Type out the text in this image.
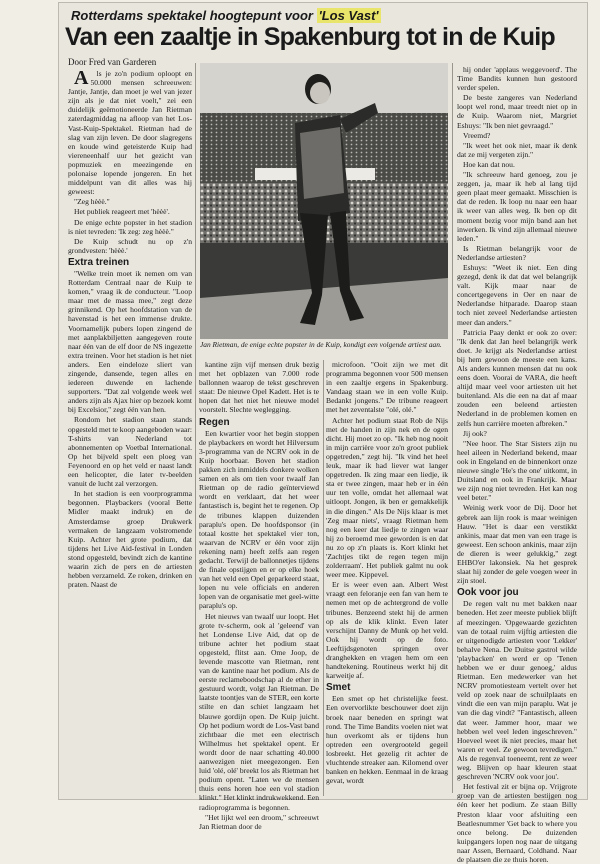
Rotterdams spektakel hoogtepunt voor 'Los Vast'
Van een zaaltje in Spakenburg tot in de Kuip
Door Fred van Garderen

Als je zo'n podium oploopt en 50.000 mensen schreeuwen: Jantje, Jantje, dan moet je wel van jezer zijn als je dat niet voelt," zei een duidelijk geëmotioneerde Jan Rietman zaterdagmiddag na afloop van het Los-Vast-Kuip-Spektakel. Rietman had de slag van zijn leven. De door slagregens en koude wind geteisterde Kuip had viereneenhalf uur het gezicht van popmuziek en meezingende en polonaise lopende jongeren. En het middelpunt van dit alles was hij geweest:

"Zeg hèèè."

Het publiek reageert met 'hèèè'.

De enige echte popster in het stadion is niet tevreden: 'Ik zeg: zeg hèèè."

De Kuip schudt nu op z'n grondvesten: 'hèèè.'

Extra treinen

"Welke trein moet ik nemen om van Rotterdam Centraal naar de Kuip te komen," vraag ik de conducteur. "Loop maar met de massa mee," zegt deze grinnikend. Op het hoofdstation van de havenstad is het een immense drukte. Voornamelijk pubers lopen zingend de met aanplakbiljetten aangegeven route naar één van de elf door de NS ingezette extra treinen. Voor het stadion is het niet anders. Een eindeloze sliert van zingende, dansende, tegen alles en iedereen duwende en lachende supporters. "Dat zal volgende week wel anders zijn als Ajax hier op bezoek komt bij Excelsior," zegt één van hen.

Rondom het stadion staan stands opgesteld met te koop aangeboden waar: T-shirts van Nederland tot abonnementen op Voetbal International. Op het bijveld spelt een ploeg van Feyenoord en op het veld er naast landt een helicopter, die later tv-beelden vanuit de lucht zal verzorgen.

In het stadion is een voorprogramma begonnen. Playbackers (vooral Bette Midler maakt indruk) en de Amsterdamse groep Drukwerk vermaken de langzaam volstromende Kuip. Achter het grote podium, dat tijdens het Live Aid-festival in Londen stond opgesteld, bevindt zich de kantine waarin zich de pers en de artiesten hebben verzameld. Ze roken, drinken en praten. Naast de

Jan Rietman, de enige echte popster in de Kuip, kondigt een volgende artiest aan.

kantine zijn vijf mensen druk bezig met het opblazen van 7.000 rode ballonnen waarop de tekst geschreven staat: De nieuwe Opel Kadett. Het is te hopen dat het niet het nieuwe model voorstelt. Slechte weglegging.

Regen

Een kwartier voor het begin stoppen de playbackers en wordt het Hilversum 3-programma van de NCRV ook in de Kuip hoorbaar. Boven het stadion pakken zich inmiddels donkere wolken samen en als om tien voor twaalf Jan Rietman op de radio geïnterviewd wordt en verklaart, dat het weer fantastisch is, begint het te regenen. Op de tribunes klappen duizenden paraplu's open. De hoofdsponsor (in totaal kostte het spektakel vier ton, waarvan de NCRV er één voor zijn rekening nam) heeft zelfs aan regen gedacht. Terwijl de ballonnetjes tijdens de finale opstijgen en er op elke hoek van het veld een Opel geparkeerd staat, lopen nu vele officials en anderen lopen van de organisatie met geel-witte paraplu's op.

Het nieuws van twaalf uur loopt. Het grote tv-scherm, ook al 'geleend' van het Londense Live Aid, dat op de tribune achter het podium staat opgesteld, flitst aan. Ome Joop, de levende mascotte van Rietman, rent van de kantine naar het podium. Als de eerste reclameboodschap al de ether in gestuurd wordt, volgt Jan Rietman. De laatste toontjes van de STER, een korte stilte en dan schiet langzaam het blauwe gordijn open. De Kuip juicht. Op het podium wordt de Los-Vast band zichtbaar die met een electrisch Wilhelmus het spektakel opent. Er wordt door de naar schatting 40.000 aanwezigen niet meegezongen. Een luid 'olé, olé' breekt los als Rietman het podium opent. "Laten we de mensen thuis eens horen hoe een vol stadion klinkt." Het klinkt indrukwekkend. Een radioprogramma is begonnen.

"Het lijkt wel een droom," schreeuwt Jan Rietman door de

microfoon. "Ooit zijn we met dit programma begonnen voor 500 mensen in een zaaltje ergens in Spakenburg. Vandaag staan we in een volle Kuip. Bedankt jongens." De tribune reageert met het zeventalste "olé, olé."

Achter het podium staat Rob de Nijs met de handen in zijn nek en de ogen dicht. Hij moet zo op. "Ik heb nog nooit in mijn carrière voor zo'n groot publiek opgetreden," zegt hij. "Ik vind het heel leuk, maar ik had liever wat langer opgetreden. Ik zing maar een liedje, ik sta er twee zingen, maar heb er in één uur ten volle, omdat het allemaal wat uitloopt. Jongen, ik ben er gemakkelijk in die dingen." Als De Nijs klaar is met 'Zeg maar niets', vraagt Rietman hem nog een keer dat liedje te zingen waar hij zo beroemd mee geworden is en dat nu zo op z'n plaats is. Kort klinkt het 'Zachtjes tikt de regen tegen mijn zolderraam'. Het publiek galmt nu ook weer mee. Kippevel.

Er is weer even aan. Albert West vraagt een feloranje een fan van hem te nemen met op de achtergrond de volle tribunes. Benzeend stekt hij de armen op als de klik klinkt. Even later verschijnt Danny de Munk op het veld. Ook hij wordt op de foto. Leeftijdsgenoten springen over dranghekken en vragen hem om een handtekening. Routineus werkt hij dit karweitje af.

Smet

Een smet op het christelijke feest. Een overvorlikte beschouwer doet zijn broek naar beneden en springt wat rond. The Time Bandits voelen niet wat hun overkomt als er tijdens hun optreden een overgrooteld gegeil losbreekt. Het gezelig rit achter de vluchtende streaker aan. Kilomend over banken en hekken. Eenmaal in de kraag gevat, wordt

hij onder 'applaus weggevoerd'. The Time Bandits kunnen hun gestoord verder spelen.

De beste zangeres van Nederland loopt wel rond, maar treedt niet op in de Kuip. Waarom niet, Margriet Eshuys: "Ik ben niet gevraagd."

Vreemd?

"Ik weet het ook niet, maar ik denk dat ze mij vergeten zijn."

Hoe kan dat nou.

"Ik schreeuw hard genoeg, zou je zeggen, ja, maar ik heb al lang tijd geen plaat meer gemaakt. Misschien is dat de reden. Ik loop nu naar een haar ik weer van alles weg. Ik ben op dit moment bezig voor mijn band aan het inwerken. Ik vind zijn allemaal nieuwe leden."

Is Rietman belangrijk voor de Nederlandse artiesten?

Eshuys: "Weet ik niet. Een ding gezegd, denk ik dat dat wel belangrijk valt. Kijk maar naar de concertgegevens in Oer en naar de Nederlandse hitparade. Daarop staan toch niet zeveel Nederlandse artiesten meer dan anders."

Patricia Paay denkt er ook zo over: "Ik denk dat Jan heel belangrijk werk doet. Je krijgt als Nederlandse artiest bij hem gewoon de meeste een kans. Als anders kunnen mensen dat nu ook eens doen. Voorai de VARA, die heeft altijd maar veel voor artiesten uit het buitenland. Als die een na dat af maar zouden een beleend artiesten Nederland in de problemen komen en zelfs hun carrière moeten afbreken."

Jij ook?

"Nee hoor. The Star Sisters zijn nu heel aileen in Nederland bekend, maar ook in Engeland en de binnenkort onze nieuwe single 'He's the one' uitkomt, in Duitsland en ook in Frankrijk. Maar we zijn nog niet tevreden. Het kan nog veel beter."

Weinig werk voor de Dij. Door het gebrek aan lijn rook is maar weinigen Hauw. "Het is daar een verstikkt ankinis, maar dat men van een trage is geweest. Een schoon ankinis, maar zijn de dieren is weer gelukkig," zegt EHBO'er lakonsiek. Na het gesprek slaat hij zonder de gele voegen weer in zijn stoel.

Ook voor jou

De regen valt nu met bakken naar beneden. Het zeer meeste publiek blijft af meezingen. 'Opgewaarde gezichten van de totaal ruim vijftig artiesten die er uitgenodigde artiesten voor 'Lekker' behalve Nena. De Duitse gastrol wilde 'playbacken' en werd er op 'Tenen hebben we er duur genoeg,' aldus Rietman. Een medewerker van het NCRV promotiesteam vertelt over het veld op zoek naar de schuilplaats en vindt die een van mijn paraplu. Wat je van die dag vindt? "Fantastisch, alleen dat weer. Jammer hoor, maar we hebben wel veel leden ingeschreven." Hoeveel weet ik niet precies, maar het waren er veel. Ze gewoon tevredigen." Als de regenval toeneemt, rent ze weer weg. Blijven op haar kleuren staat geschreven 'NCRV ook voor jou'.

Het festival zit er bijna op. Vrijgrote groep van de artiesten bestijgen nog één keer het podium. Ze staan Billy Preston klaar voor afsluiting een Beatlesnummer 'Get back to where you once belong. De duizenden kuipgangers lopen nog naar de uitgang naar Assen, Bernaard, Coldhand. Naar de plaatsen die ze thuis horen.
